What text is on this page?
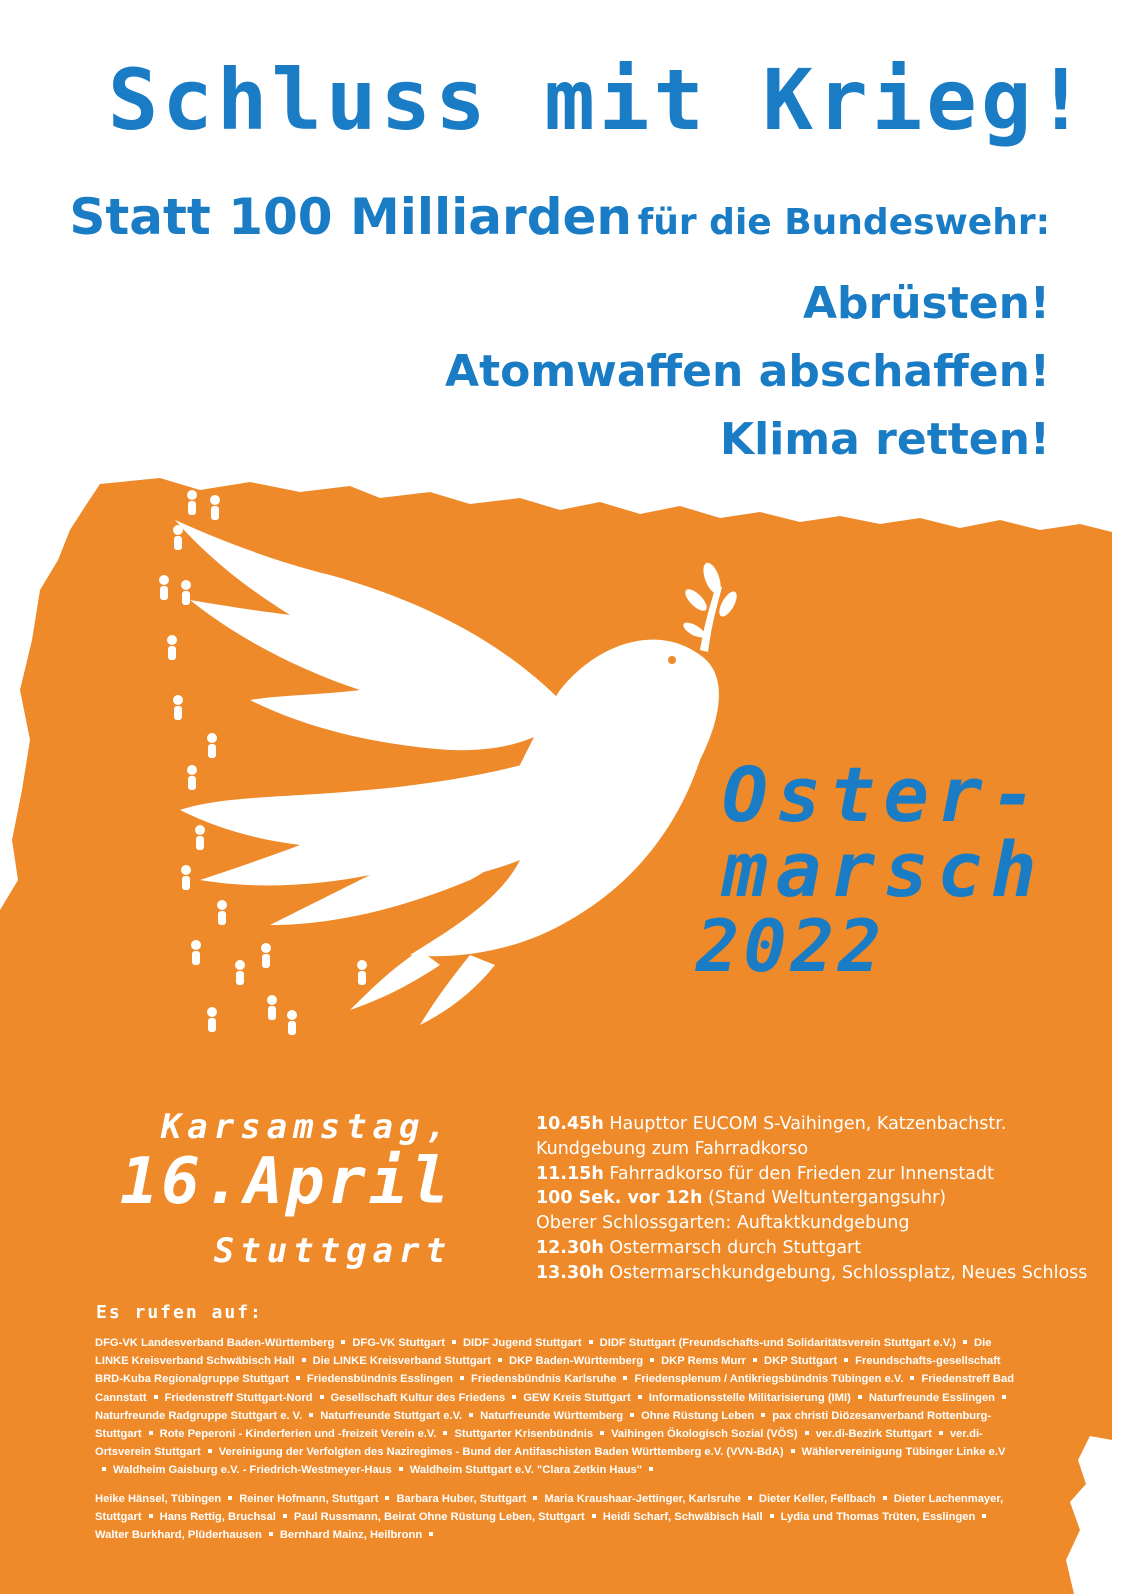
Schluss mit Krieg!
Statt 100 Milliarden für die Bundeswehr:
Abrüsten!
Atomwaffen abschaffen!
Klima retten!
Oster-
marsch
2022
Karsamstag,
16.April
Stuttgart
10.45h Haupttor EUCOM S-Vaihingen, Katzenbachstr.
Kundgebung zum Fahrradkorso
11.15h Fahrradkorso für den Frieden zur Innenstadt
100 Sek. vor 12h (Stand Weltuntergangsuhr)
Oberer Schlossgarten: Auftaktkundgebung
12.30h Ostermarsch durch Stuttgart
13.30h Ostermarschkundgebung, Schlossplatz, Neues Schloss
Es rufen auf:
DFG-VK Landesverband Baden-Württemberg DFG-VK Stuttgart DIDF Jugend Stuttgart DIDF Stuttgart (Freundschafts-und Solidaritätsverein Stuttgart e.V.) Die LINKE Kreisverband Schwäbisch Hall Die LINKE Kreisverband Stuttgart DKP Baden-Württemberg DKP Rems Murr DKP Stuttgart Freundschafts-gesellschaft BRD-Kuba Regionalgruppe Stuttgart Friedensbündnis Esslingen Friedensbündnis Karlsruhe Friedensplenum / Antikriegsbündnis Tübingen e.V. Friedenstreff Bad Cannstatt Friedenstreff Stuttgart-Nord Gesellschaft Kultur des Friedens GEW Kreis Stuttgart Informationsstelle Militarisierung (IMI) Naturfreunde EsslingenNaturfreunde Radgruppe Stuttgart e. V. Naturfreunde Stuttgart e.V. Naturfreunde Württemberg Ohne Rüstung Leben pax christi Diözesanverband Rottenburg-Stuttgart Rote Peperoni - Kinderferien und -freizeit Verein e.V. Stuttgarter Krisenbündnis Vaihingen Ökologisch Sozial (VÖS) ver.di-Bezirk Stuttgart ver.di-Ortsverein Stuttgart Vereinigung der Verfolgten des Naziregimes - Bund der Antifaschisten Baden Württemberg e.V. (VVN-BdA) Wählervereinigung Tübinger Linke e.VWaldheim Gaisburg e.V. - Friedrich-Westmeyer-Haus Waldheim Stuttgart e.V. "Clara Zetkin Haus"
Heike Hänsel, Tübingen Reiner Hofmann, Stuttgart Barbara Huber, Stuttgart Maria Kraushaar-Jettinger, Karlsruhe Dieter Keller, Fellbach Dieter Lachenmayer, Stuttgart Hans Rettig, Bruchsal Paul Russmann, Beirat Ohne Rüstung Leben, Stuttgart Heidi Scharf, Schwäbisch Hall Lydia und Thomas Trüten, EsslingenWalter Burkhard, Plüderhausen Bernhard Mainz, Heilbronn
